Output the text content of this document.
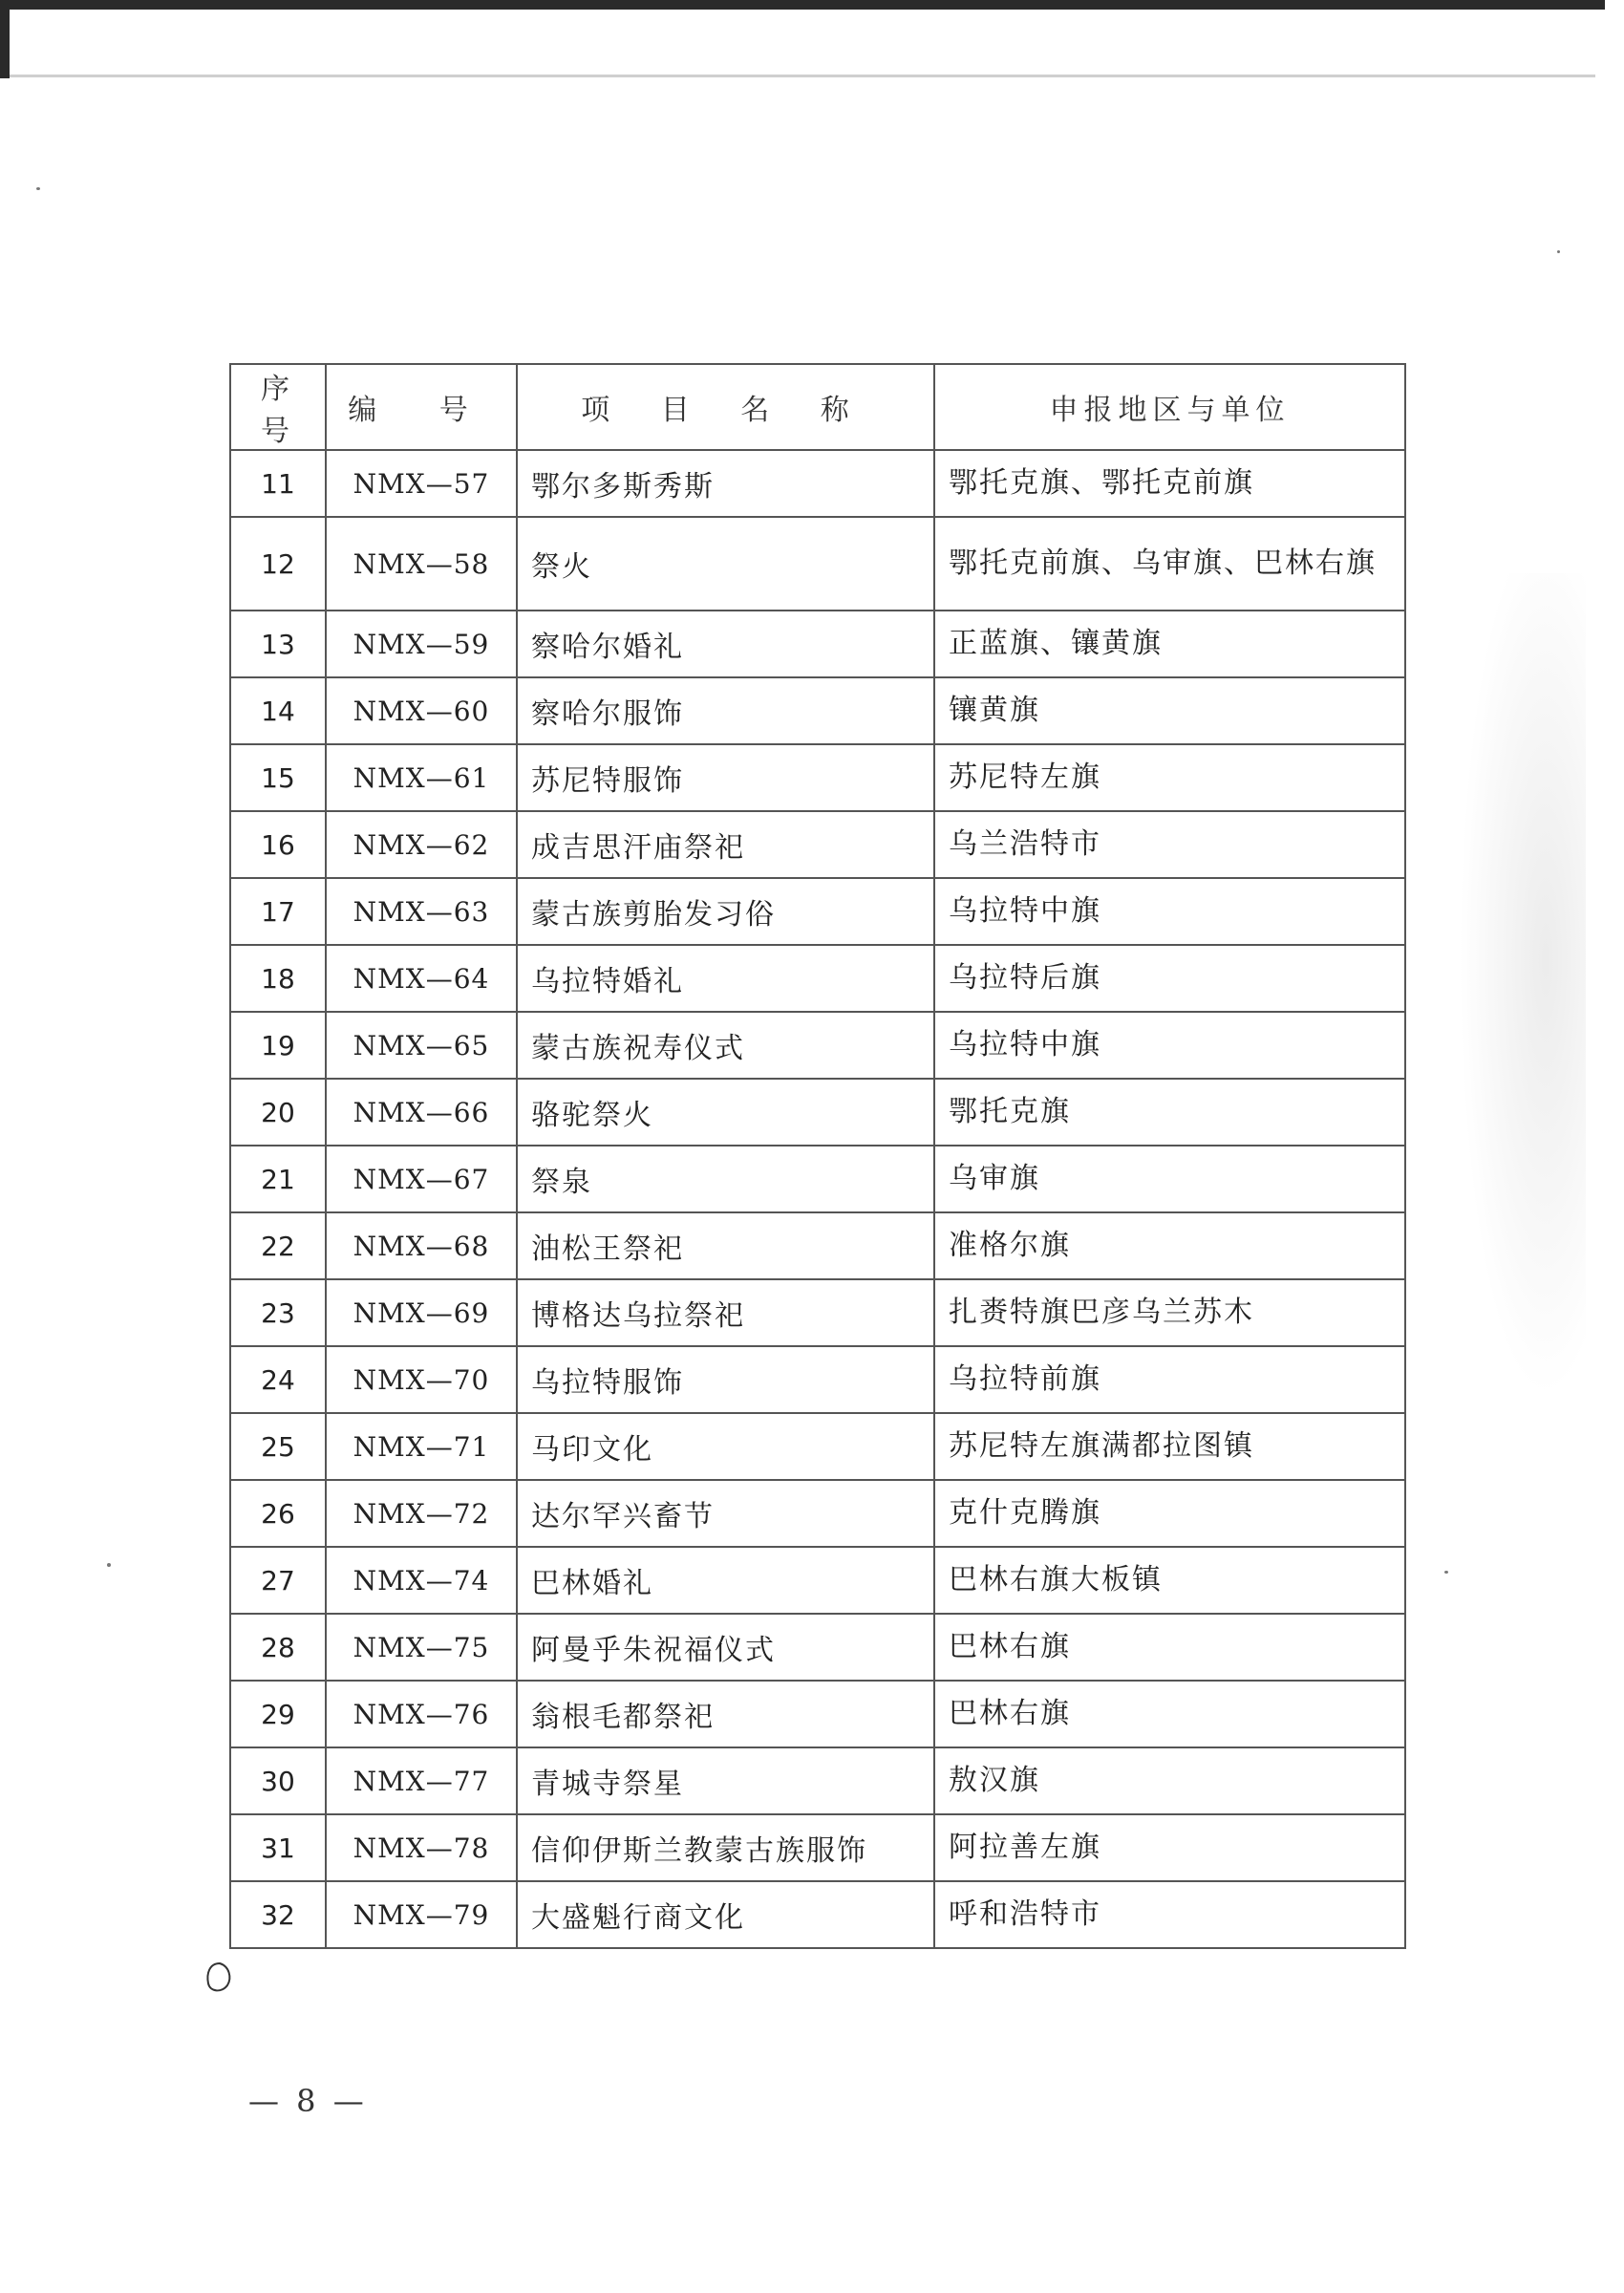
序号	编 号	项 目 名 称	申报地区与单位
11	NMⅩ—57	鄂尔多斯秀斯	鄂托克旗、鄂托克前旗
12	NMⅩ—58	祭火	鄂托克前旗、乌审旗、巴林右旗
13	NMⅩ—59	察哈尔婚礼	正蓝旗、镶黄旗
14	NMⅩ—60	察哈尔服饰	镶黄旗
15	NMⅩ—61	苏尼特服饰	苏尼特左旗
16	NMⅩ—62	成吉思汗庙祭祀	乌兰浩特市
17	NMⅩ—63	蒙古族剪胎发习俗	乌拉特中旗
18	NMⅩ—64	乌拉特婚礼	乌拉特后旗
19	NMⅩ—65	蒙古族祝寿仪式	乌拉特中旗
20	NMⅩ—66	骆驼祭火	鄂托克旗
21	NMⅩ—67	祭泉	乌审旗
22	NMⅩ—68	油松王祭祀	准格尔旗
23	NMⅩ—69	博格达乌拉祭祀	扎赉特旗巴彦乌兰苏木
24	NMⅩ—70	乌拉特服饰	乌拉特前旗
25	NMⅩ—71	马印文化	苏尼特左旗满都拉图镇
26	NMⅩ—72	达尔罕兴畜节	克什克腾旗
27	NMⅩ—74	巴林婚礼	巴林右旗大板镇
28	NMⅩ—75	阿曼乎朱祝福仪式	巴林右旗
29	NMⅩ—76	翁根毛都祭祀	巴林右旗
30	NMⅩ—77	青城寺祭星	敖汉旗
31	NMⅩ—78	信仰伊斯兰教蒙古族服饰	阿拉善左旗
32	NMⅩ—79	大盛魁行商文化	呼和浩特市
— 8 —
